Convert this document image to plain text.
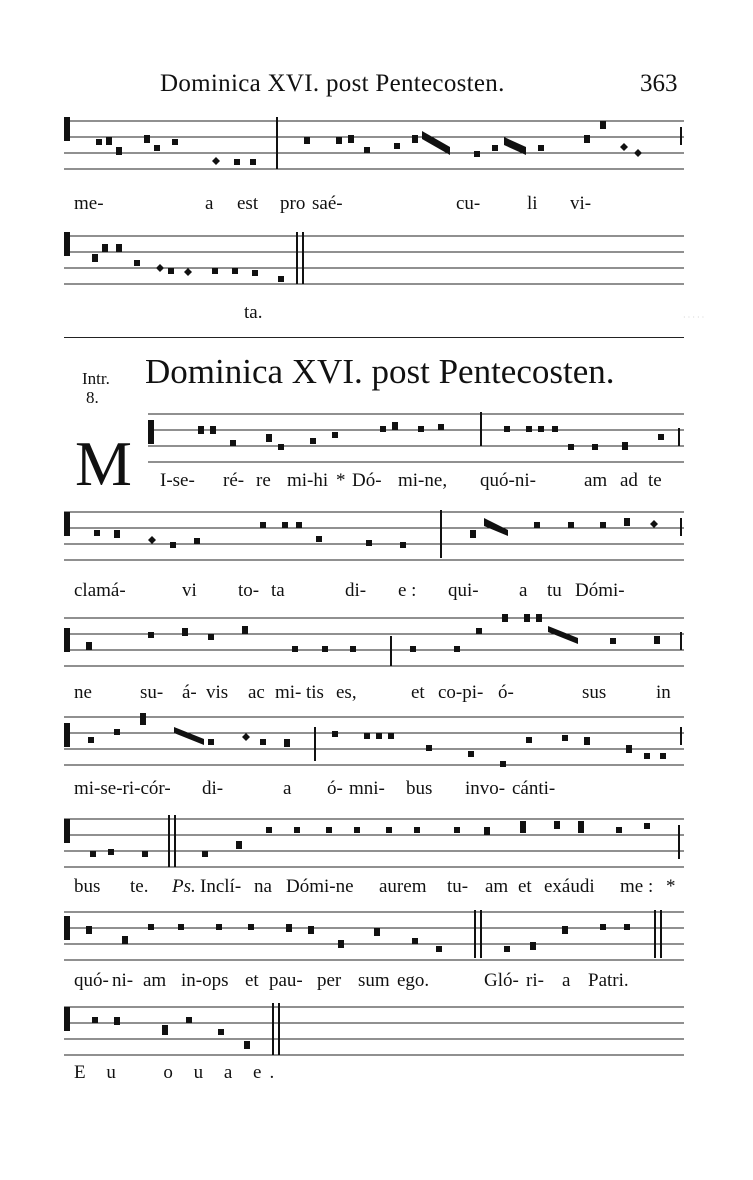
Dominica XVI. post Pentecosten.	363
me-	a est pro saé-	cu- li vi-
ta.
Dominica XVI. post Pentecosten.
Intr.
8.
M I-se- ré- re mi-hi * Dó- mi-ne, quó-ni-	am ad te
clamá-	vi to- ta	di- e : qui- a tu Dómi-
ne	su- á- vis ac mi- tis es,	et co-pi- ó-	sus	in
mi-se-ri-cór- di-	a ó- mni- bus invo- cánti-
bus te. Ps. Inclí- na Dómi-ne aurem tu- am et exáudi me : *
quó- ni- am in-ops et pau- per sum ego.	Gló- ri- a Patri.
E u o u a e.
· · · · ·
